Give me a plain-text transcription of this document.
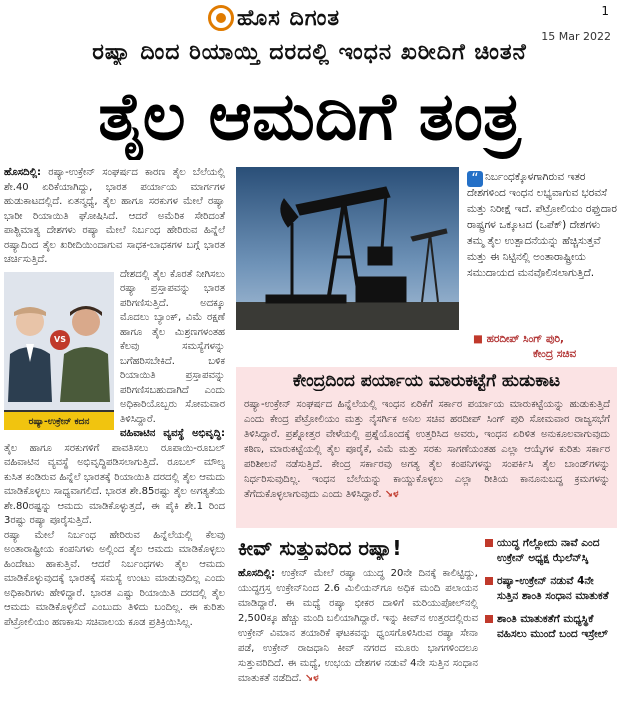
ಹೊಸ ದಿಗಂತ	1
15 Mar 2022
ರಷ್ಯಾ ದಿಂದ ರಿಯಾಯ್ತಿ ದರದಲ್ಲಿ ಇಂಧನ ಖರೀದಿಗೆ ಚಿಂತನೆ
ತೈಲ ಆಮದಿಗೆ ತಂತ್ರ

ಹೊಸದಿಲ್ಲಿ: ರಷ್ಯಾ-ಉಕ್ರೇನ್ ಸಂಘರ್ಷದ ಕಾರಣ ತೈಲ ಬೆಲೆಯಲ್ಲಿ ಶೇ.40 ಏರಿಕೆಯಾಗಿದ್ದು, ಭಾರತ ಪರ್ಯಾಯ ಮಾರ್ಗಗಳ ಹುಡುಕಾಟದಲ್ಲಿದೆ. ಏತನ್ಮಧ್ಯೆ, ತೈಲ ಹಾಗೂ ಸರಕುಗಳ ಮೇಲೆ ರಷ್ಯಾ ಭಾರೀ ರಿಯಾಯಿತಿ ಘೋಷಿಸಿದೆ. ಆದರೆ ಅಮೆರಿಕ ಸೇರಿದಂತೆ ಪಾಶ್ಚಿಮಾತ್ಯ ದೇಶಗಳು ರಷ್ಯಾ ಮೇಲೆ ನಿರ್ಬಂಧ ಹೇರಿರುವ ಹಿನ್ನೆಲೆ ರಷ್ಯಾದಿಂದ ತೈಲ ಖರೀದಿಯಿಂದಾಗುವ ಸಾಧಕ-ಬಾಧಕಗಳ ಬಗ್ಗೆ ಭಾರತ ಚರ್ಚಿಸುತ್ತಿದೆ.

VS
ರಷ್ಯಾ-ಉಕ್ರೇನ್ ಕದನ

ದೇಶದಲ್ಲಿ ತೈಲ ಕೊರತೆ ನೀಗಿಸಲು ರಷ್ಯಾ ಪ್ರಸ್ತಾಪವನ್ನು ಭಾರತ ಪರಿಗಣಿಸುತ್ತಿದೆ. ಅದಕ್ಕೂ ಮೊದಲು ಬ್ಯಾಂಕ್, ವಿಮೆ ರಕ್ಷಣೆ ಹಾಗೂ ತೈಲ ಮಿಶ್ರಣಗಳಂತಹ ಕೆಲವು ಸಮಸ್ಯೆಗಳನ್ನು ಬಗೆಹರಿಸಬೇಕಿದೆ. ಬಳಿಕ ರಿಯಾಯಿತಿ ಪ್ರಸ್ತಾಪವನ್ನು ಪರಿಗಣಿಸಬಹುದಾಗಿದೆ ಎಂದು ಅಧಿಕಾರಿಯೊಬ್ಬರು ಸೋಮವಾರ ತಿಳಿಸಿದ್ದಾರೆ.

ವಹಿವಾಟಿನ ವ್ಯವಸ್ಥೆ ಅಭಿವೃದ್ಧಿ: ತೈಲ ಹಾಗೂ ಸರಕುಗಳಿಗೆ ಪಾವತಿಸಲು ರೂಪಾಯಿ-ರೂಬಲ್ ವಹಿವಾಟಿನ ವ್ಯವಸ್ಥೆ ಅಭಿವೃದ್ಧಿಪಡಿಸಲಾಗುತ್ತಿದೆ. ರೂಬಲ್ ಮೌಲ್ಯ ಕುಸಿತ ಕಂಡಿರುವ ಹಿನ್ನೆಲೆ ಭಾರತಕ್ಕೆ ರಿಯಾಯಿತಿ ದರದಲ್ಲಿ ತೈಲ ಆಮದು ಮಾಡಿಕೊಳ್ಳಲು ಸಾಧ್ಯವಾಗಲಿದೆ. ಭಾರತ ಶೇ.85ರಷ್ಟು ತೈಲ ಅಗತ್ಯತೆಯ ಶೇ.80ರಷ್ಟನ್ನು ಆಮದು ಮಾಡಿಕೊಳ್ಳುತ್ತದೆ, ಈ ಪೈಕಿ ಶೇ.1 ರಿಂದ 3ರಷ್ಟು ರಷ್ಯಾ ಪೂರೈಸುತ್ತಿದೆ.

ರಷ್ಯಾ ಮೇಲೆ ನಿರ್ಬಂಧ ಹೇರಿರುವ ಹಿನ್ನೆಲೆಯಲ್ಲಿ ಕೆಲವು ಅಂತಾರಾಷ್ಟ್ರೀಯ ಕಂಪನಿಗಳು ಅಲ್ಲಿಂದ ತೈಲ ಆಮದು ಮಾಡಿಕೊಳ್ಳಲು ಹಿಂದೇಟು ಹಾಕುತ್ತಿವೆ. ಆದರೆ ನಿರ್ಬಂಧಗಳು ತೈಲ ಆಮದು ಮಾಡಿಕೊಳ್ಳುವುದಕ್ಕೆ ಭಾರತಕ್ಕೆ ಸಮಸ್ಯೆ ಉಂಟು ಮಾಡುವುದಿಲ್ಲ ಎಂದು ಅಧಿಕಾರಿಗಳು ಹೇಳಿದ್ದಾರೆ. ಭಾರತ ಎಷ್ಟು ರಿಯಾಯಿತಿ ದರದಲ್ಲಿ ತೈಲ ಆಮದು ಮಾಡಿಕೊಳ್ಳಲಿದೆ ಎಂಬುದು ತಿಳಿದು ಬಂದಿಲ್ಲ. ಈ ಕುರಿತು ಪೆಟ್ರೋಲಿಯಂ ಹಣಕಾಸು ಸಚಿವಾಲಯ ಕೂಡ ಪ್ರತಿಕ್ರಿಯಿಸಿಲ್ಲ.

ನಿರ್ಬಂಧಕ್ಕೊಳಗಾಗಿರುವ ಇತರ ದೇಶಗಳಿಂದ ಇಂಧನ ಲಭ್ಯವಾಗುವ ಭರವಸೆ ಮತ್ತು ನಿರೀಕ್ಷೆ ಇದೆ. ಪೆಟ್ರೋಲಿಯಂ ರಫ್ತುದಾರ ರಾಷ್ಟ್ರಗಳ ಒಕ್ಕೂಟದ (ಒಪೆಕ್) ದೇಶಗಳು ತಮ್ಮ ತೈಲ ಉತ್ಪಾದನೆಯನ್ನು ಹೆಚ್ಚಿಸುತ್ತವೆ ಮತ್ತು ಈ ನಿಟ್ಟಿನಲ್ಲಿ ಅಂತಾರಾಷ್ಟ್ರೀಯ ಸಮುದಾಯದ ಮನವೊಲಿಸಲಾಗುತ್ತಿದೆ.
“
■ ಹರದೀಪ್ ಸಿಂಗ್ ಪುರಿ,
ಕೇಂದ್ರ ಸಚಿವ
ಕೇಂದ್ರದಿಂದ ಪರ್ಯಾಯ ಮಾರುಕಟ್ಟೆಗೆ ಹುಡುಕಾಟ
ರಷ್ಯಾ-ಉಕ್ರೇನ್ ಸಂಘರ್ಷದ ಹಿನ್ನೆಲೆಯಲ್ಲಿ ಇಂಧನ ಏರಿಕೆಗೆ ಸರ್ಕಾರ ಪರ್ಯಾಯ ಮಾರುಕಟ್ಟೆಯನ್ನು ಹುಡುಕುತ್ತಿದೆ ಎಂದು ಕೇಂದ್ರ ಪೆಟ್ರೋಲಿಯಂ ಮತ್ತು ನೈಸರ್ಗಿಕ ಅನಿಲ ಸಚಿವ ಹರದೀಪ್ ಸಿಂಗ್ ಪುರಿ ಸೋಮವಾರ ರಾಜ್ಯಸಭೆಗೆ ತಿಳಿಸಿದ್ದಾರೆ. ಪ್ರಶ್ನೋತ್ತರ ವೇಳೆಯಲ್ಲಿ ಪ್ರಶ್ನೆಯೊಂದಕ್ಕೆ ಉತ್ತರಿಸಿದ ಅವರು, ಇಂಧನ ಏರಿಳಿತ ಅನುಕೂಲವಾಗುವುದು ಕಠಿಣ, ಮಾರುಕಟ್ಟೆಯಲ್ಲಿ ತೈಲ ಪೂರೈಕೆ, ವಿಮೆ ಮತ್ತು ಸರಕು ಸಾಗಣೆಯಂತಹ ಎಲ್ಲಾ ಆಯ್ಕೆಗಳ ಕುರಿತು ಸರ್ಕಾರ ಪರಿಶೀಲನೆ ನಡೆಸುತ್ತಿದೆ. ಕೇಂದ್ರ ಸರ್ಕಾರವು ಅಗತ್ಯ ತೈಲ ಕಂಪನಿಗಳನ್ನು ಸಂಪರ್ಕಿಸಿ ತೈಲ ಬಾಂಡ್‌ಗಳನ್ನು ನಿರ್ಧರಿಸುವುದಿಲ್ಲ. ಇಂಧನ ಬೆಲೆಯನ್ನು ಕಾಯ್ದುಕೊಳ್ಳಲು ಎಲ್ಲಾ ರೀತಿಯ ಕಾನೂನುಬದ್ಧ ಕ್ರಮಗಳನ್ನು ತೆಗೆದುಕೊಳ್ಳಲಾಗುವುದು ಎಂದು ತಿಳಿಸಿದ್ದಾರೆ. ↘ಳ
ಕೀವ್ ಸುತ್ತುವರಿದ ರಷ್ಯಾ!
ಹೊಸದಿಲ್ಲಿ: ಉಕ್ರೇನ್ ಮೇಲೆ ರಷ್ಯಾ ಯುದ್ಧ 20ನೇ ದಿನಕ್ಕೆ ಕಾಲಿಟ್ಟಿದ್ದು, ಯುದ್ಧಗ್ರಸ್ತ ಉಕ್ರೇನ್‌ನಿಂದ 2.6 ಮಿಲಿಯನ್‌ಗೂ ಅಧಿಕ ಮಂದಿ ಪಲಾಯನ ಮಾಡಿದ್ದಾರೆ. ಈ ಮಧ್ಯೆ ರಷ್ಯಾ ಭೀಕರ ದಾಳಿಗೆ ಮರಿಯುಪೋಲ್‌ನಲ್ಲಿ 2,500ಕ್ಕೂ ಹೆಚ್ಚು ಮಂದಿ ಬಲಿಯಾಗಿದ್ದಾರೆ. ಇನ್ನು ಕೀವ್‌ನ ಉತ್ತರದಲ್ಲಿರುವ ಉಕ್ರೇನ್ ವಿಮಾನ ತಯಾರಿಕೆ ಘಟಕವನ್ನು ಧ್ವಂಸಗೊಳಿಸಿರುವ ರಷ್ಯಾ ಸೇನಾ ಪಡೆ, ಉಕ್ರೇನ್ ರಾಜಧಾನಿ ಕೀವ್ ನಗರದ ಮೂರು ಭಾಗಗಳಿಂದಲೂ ಸುತ್ತುವರಿದಿದೆ. ಈ ಮಧ್ಯೆ, ಉಭಯ ದೇಶಗಳ ನಡುವೆ 4ನೇ ಸುತ್ತಿನ ಸಂಧಾನ ಮಾತುಕತೆ ನಡೆದಿದೆ. ↘ಳ
ಯುದ್ಧ ಗೆಲ್ಲೋದು ನಾವೆ ಎಂದ ಉಕ್ರೇನ್ ಅಧ್ಯಕ್ಷ ಝೆಲೆನ್‌ಸ್ಕಿ
ರಷ್ಯಾ-ಉಕ್ರೇನ್ ನಡುವೆ 4ನೇ ಸುತ್ತಿನ ಶಾಂತಿ ಸಂಧಾನ ಮಾತುಕತೆ
ಶಾಂತಿ ಮಾತುಕತೆಗೆ ಮಧ್ಯಸ್ಥಿಕೆ ವಹಿಸಲು ಮುಂದೆ ಬಂದ ಇಸ್ರೇಲ್
